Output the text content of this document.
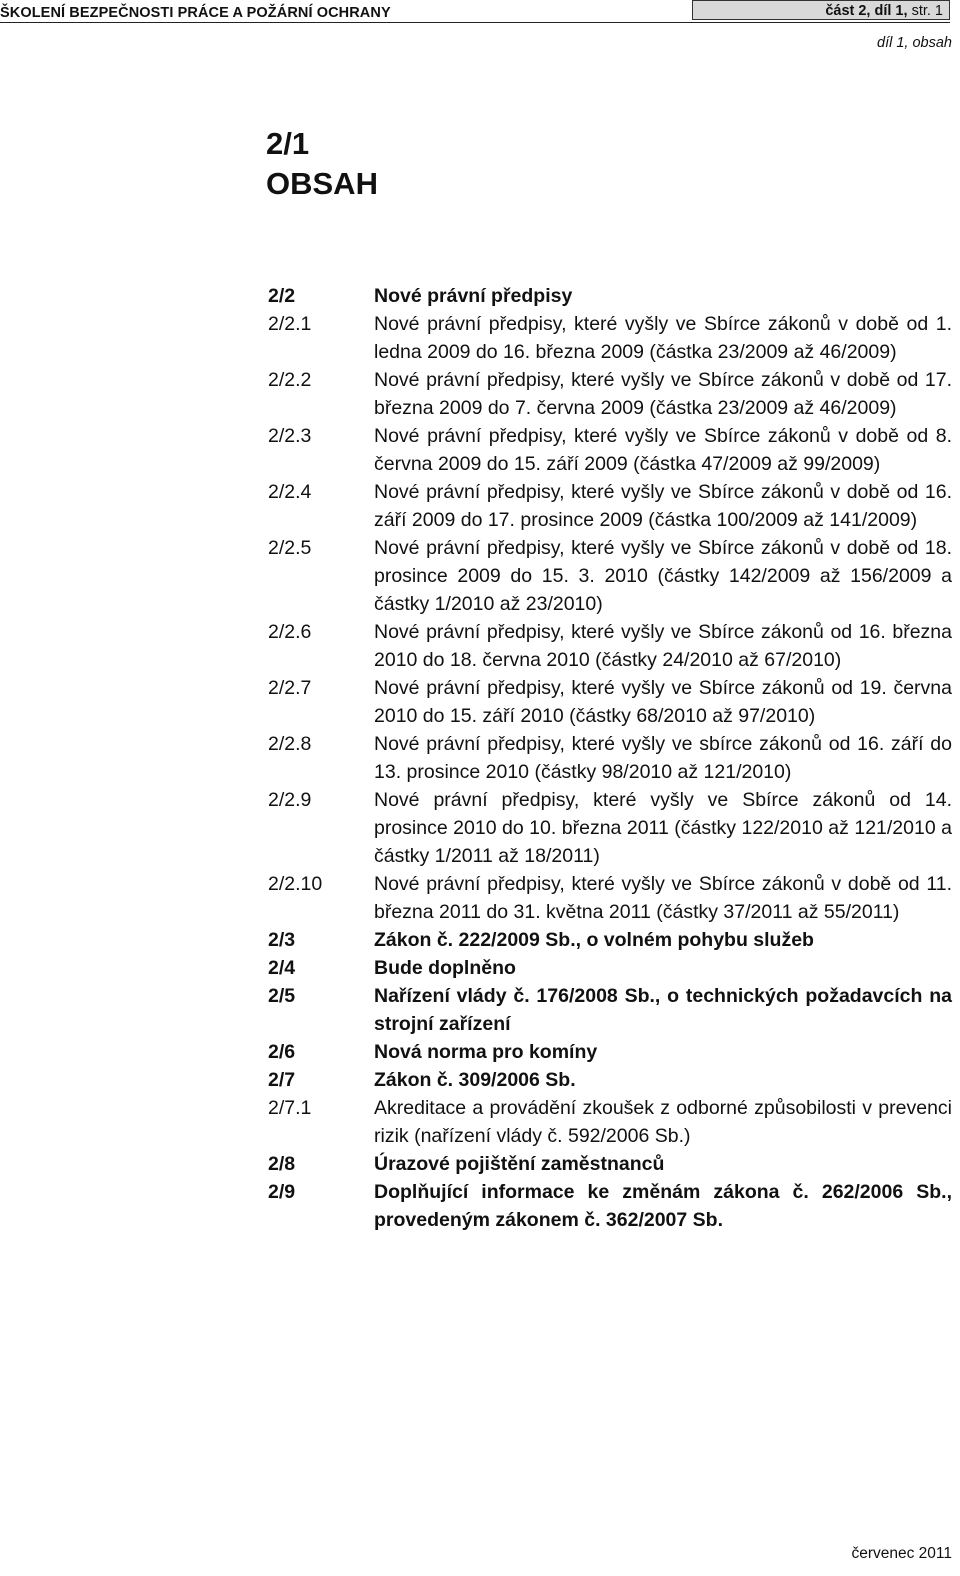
ŠKOLENÍ BEZPEČNOSTI PRÁCE A POŽÁRNÍ OCHRANY	část 2, díl 1, str. 1
díl 1, obsah
2/1
OBSAH
2/2	Nové právní předpisy
2/2.1	Nové právní předpisy, které vyšly ve Sbírce zákonů v době od 1. ledna 2009 do 16. března 2009 (částka 23/2009 až 46/2009)
2/2.2	Nové právní předpisy, které vyšly ve Sbírce zákonů v době od 17. března 2009 do 7. června 2009 (částka 23/2009 až 46/2009)
2/2.3	Nové právní předpisy, které vyšly ve Sbírce zákonů v době od 8. června 2009 do 15. září 2009 (částka 47/2009 až 99/2009)
2/2.4	Nové právní předpisy, které vyšly ve Sbírce zákonů v době od 16. září 2009 do 17. prosince 2009 (částka 100/2009 až 141/2009)
2/2.5	Nové právní předpisy, které vyšly ve Sbírce zákonů v době od 18. prosince 2009 do 15. 3. 2010 (částky 142/2009 až 156/2009 a částky 1/2010 až 23/2010)
2/2.6	Nové právní předpisy, které vyšly ve Sbírce zákonů od 16. března 2010 do 18. června 2010 (částky 24/2010 až 67/2010)
2/2.7	Nové právní předpisy, které vyšly ve Sbírce zákonů od 19. června 2010 do 15. září 2010 (částky 68/2010 až 97/2010)
2/2.8	Nové právní předpisy, které vyšly ve sbírce zákonů od 16. září do 13. prosince 2010 (částky 98/2010 až 121/2010)
2/2.9	Nové právní předpisy, které vyšly ve Sbírce zákonů od 14. prosince 2010 do 10. března 2011 (částky 122/2010 až 121/2010 a částky 1/2011 až 18/2011)
2/2.10	Nové právní předpisy, které vyšly ve Sbírce zákonů v době od 11. března 2011 do 31. května 2011 (částky 37/2011 až 55/2011)
2/3	Zákon č. 222/2009 Sb., o volném pohybu služeb
2/4	Bude doplněno
2/5	Nařízení vlády č. 176/2008 Sb., o technických požadavcích na strojní zařízení
2/6	Nová norma pro komíny
2/7	Zákon č. 309/2006 Sb.
2/7.1	Akreditace a provádění zkoušek z odborné způsobilosti v prevenci rizik (nařízení vlády č. 592/2006 Sb.)
2/8	Úrazové pojištění zaměstnanců
2/9	Doplňující informace ke změnám zákona č. 262/2006 Sb., provedeným zákonem č. 362/2007 Sb.
červenec 2011
